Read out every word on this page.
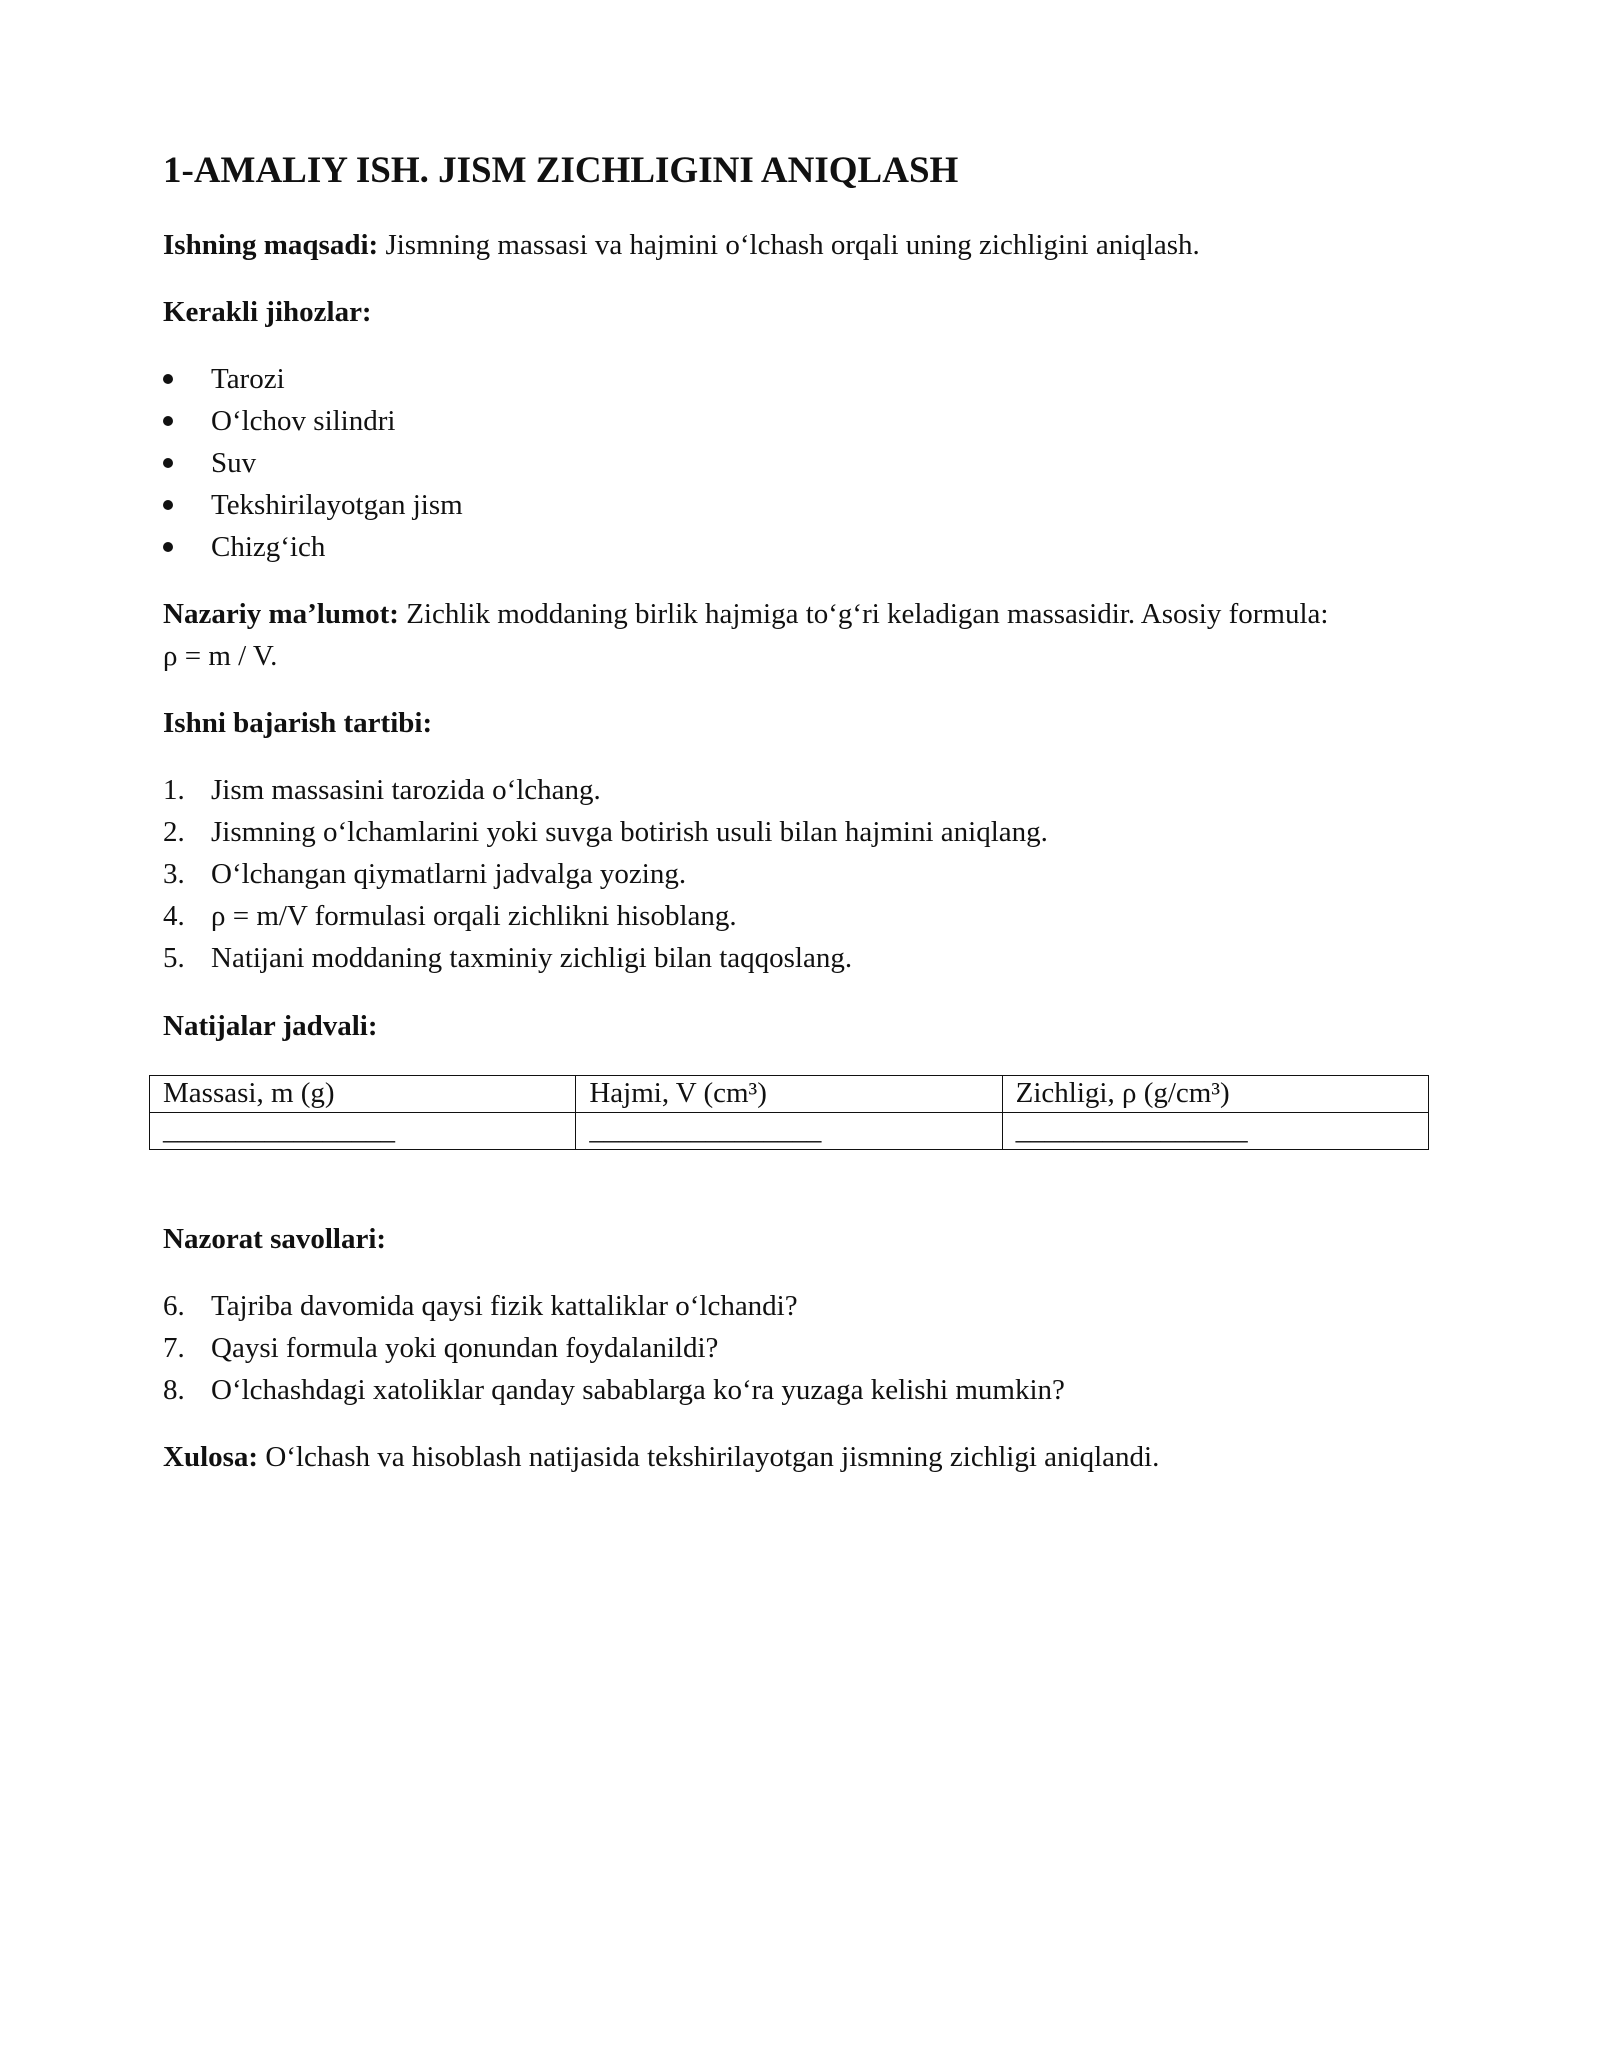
1-AMALIY ISH. JISM ZICHLIGINI ANIQLASH

Ishning maqsadi: Jismning massasi va hajmini o‘lchash orqali uning zichligini aniqlash.

Kerakli jihozlar:

Tarozi
O‘lchov silindri
Suv
Tekshirilayotgan jism
Chizg‘ich

Nazariy ma’lumot: Zichlik moddaning birlik hajmiga to‘g‘ri keladigan massasidir. Asosiy formula:
ρ = m / V.

Ishni bajarish tartibi:

1. Jism massasini tarozida o‘lchang.
2. Jismning o‘lchamlarini yoki suvga botirish usuli bilan hajmini aniqlang.
3. O‘lchangan qiymatlarni jadvalga yozing.
4. ρ = m/V formulasi orqali zichlikni hisoblang.
5. Natijani moddaning taxminiy zichligi bilan taqqoslang.

Natijalar jadvali:

Massasi, m (g)	Hajmi, V (cm³)	Zichligi, ρ (g/cm³)
________________	________________	________________

Nazorat savollari:

6. Tajriba davomida qaysi fizik kattaliklar o‘lchandi?
7. Qaysi formula yoki qonundan foydalanildi?
8. O‘lchashdagi xatoliklar qanday sabablarga ko‘ra yuzaga kelishi mumkin?

Xulosa: O‘lchash va hisoblash natijasida tekshirilayotgan jismning zichligi aniqlandi.
